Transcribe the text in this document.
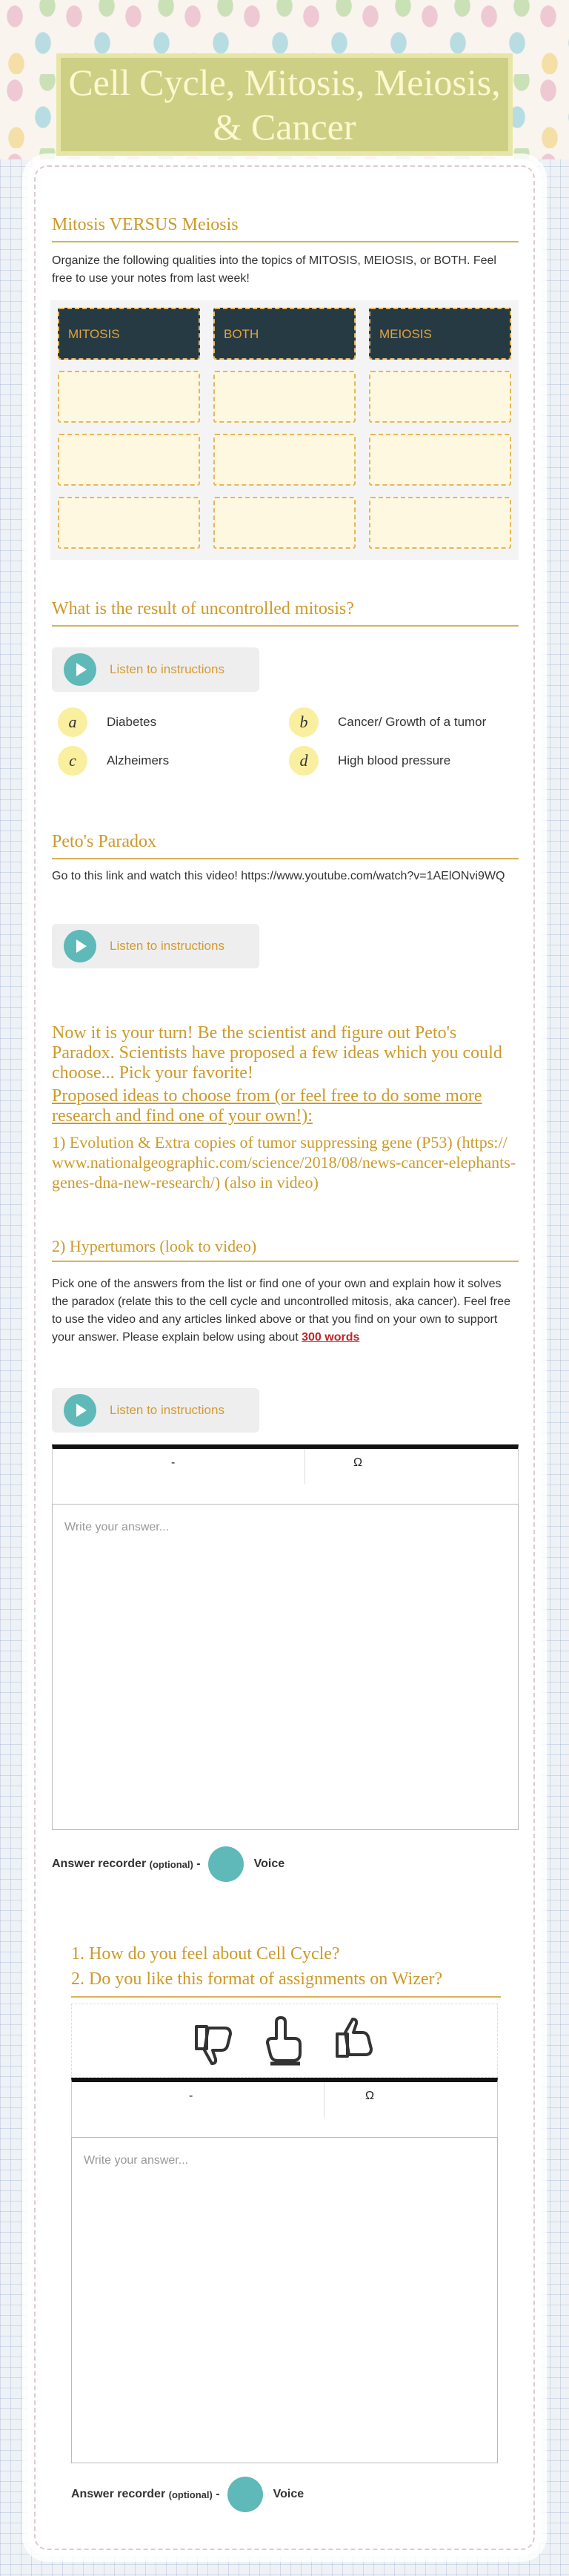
Cell Cycle, Mitosis, Meiosis, & Cancer
Mitosis VERSUS Meiosis
Organize the following qualities into the topics of MITOSIS, MEIOSIS, or BOTH. Feel free to use your notes from last week!
MITOSIS	BOTH	MEIOSIS
What is the result of uncontrolled mitosis?
Listen to instructions
a	Diabetes	b	Cancer/ Growth of a tumor
c	Alzheimers	d	High blood pressure
Peto's Paradox
Go to this link and watch this video! https://www.youtube.com/watch?v=1AElONvi9WQ
Listen to instructions
Now it is your turn! Be the scientist and figure out Peto's Paradox. Scientists have proposed a few ideas which you could choose... Pick your favorite!
Proposed ideas to choose from (or feel free to do some more research and find one of your own!):
1) Evolution & Extra copies of tumor suppressing gene (P53) (https://www.nationalgeographic.com/science/2018/08/news-cancer-elephants-genes-dna-new-research/) (also in video)
2) Hypertumors (look to video)
Pick one of the answers from the list or find one of your own and explain how it solves the paradox (relate this to the cell cycle and uncontrolled mitosis, aka cancer). Feel free to use the video and any articles linked above or that you find on your own to support your answer. Please explain below using about 300 words
Listen to instructions
-	Ω
Write your answer...
Answer recorder
(optional)
-	Voice
1. How do you feel about Cell Cycle?
2. Do you like this format of assignments on Wizer?
-	Ω
Write your answer...
Answer recorder
(optional)
-	Voice
